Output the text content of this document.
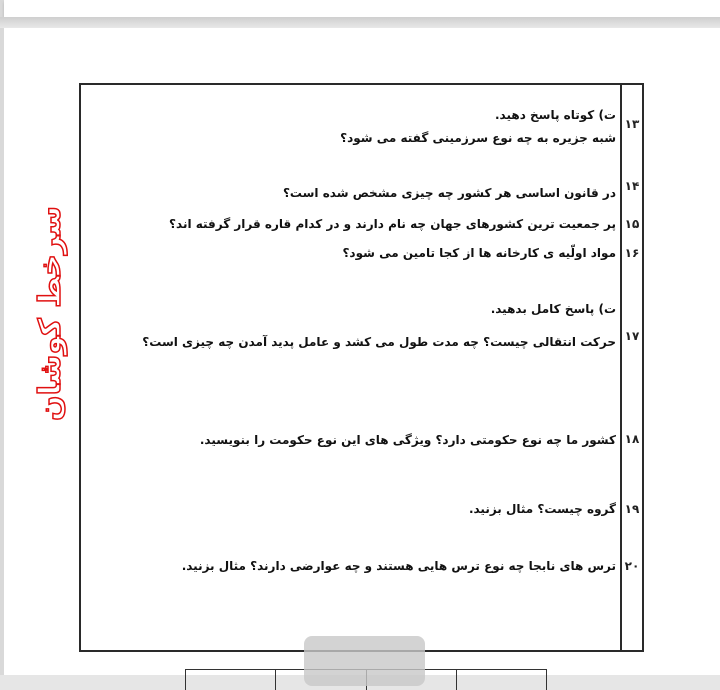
۱۳
۱۴
۱۵
۱۶
۱۷
۱۸
۱۹
۲۰
ت) کوتاه پاسخ دهید.
شبه جزیره به چه نوع سرزمینی گفته می شود؟
در قانون اساسی هر کشور چه چیزی مشخص شده است؟
پر جمعیت ترین کشورهای جهان چه نام دارند و در کدام قاره قرار گرفته اند؟
مواد اولّیه ی کارخانه ها از کجا تامین می شود؟
ت) پاسخ کامل بدهید.
حرکت انتقالی چیست؟ چه مدت طول می کشد و عامل پدید آمدن چه چیزی است؟
کشور ما چه نوع حکومتی دارد؟ ویژگی های این نوع حکومت را بنویسید.
گروه چیست؟ مثال بزنید.
ترس های نابجا چه نوع ترس هایی هستند و چه عوارضی دارند؟ مثال بزنید.
سرخط کوشان
